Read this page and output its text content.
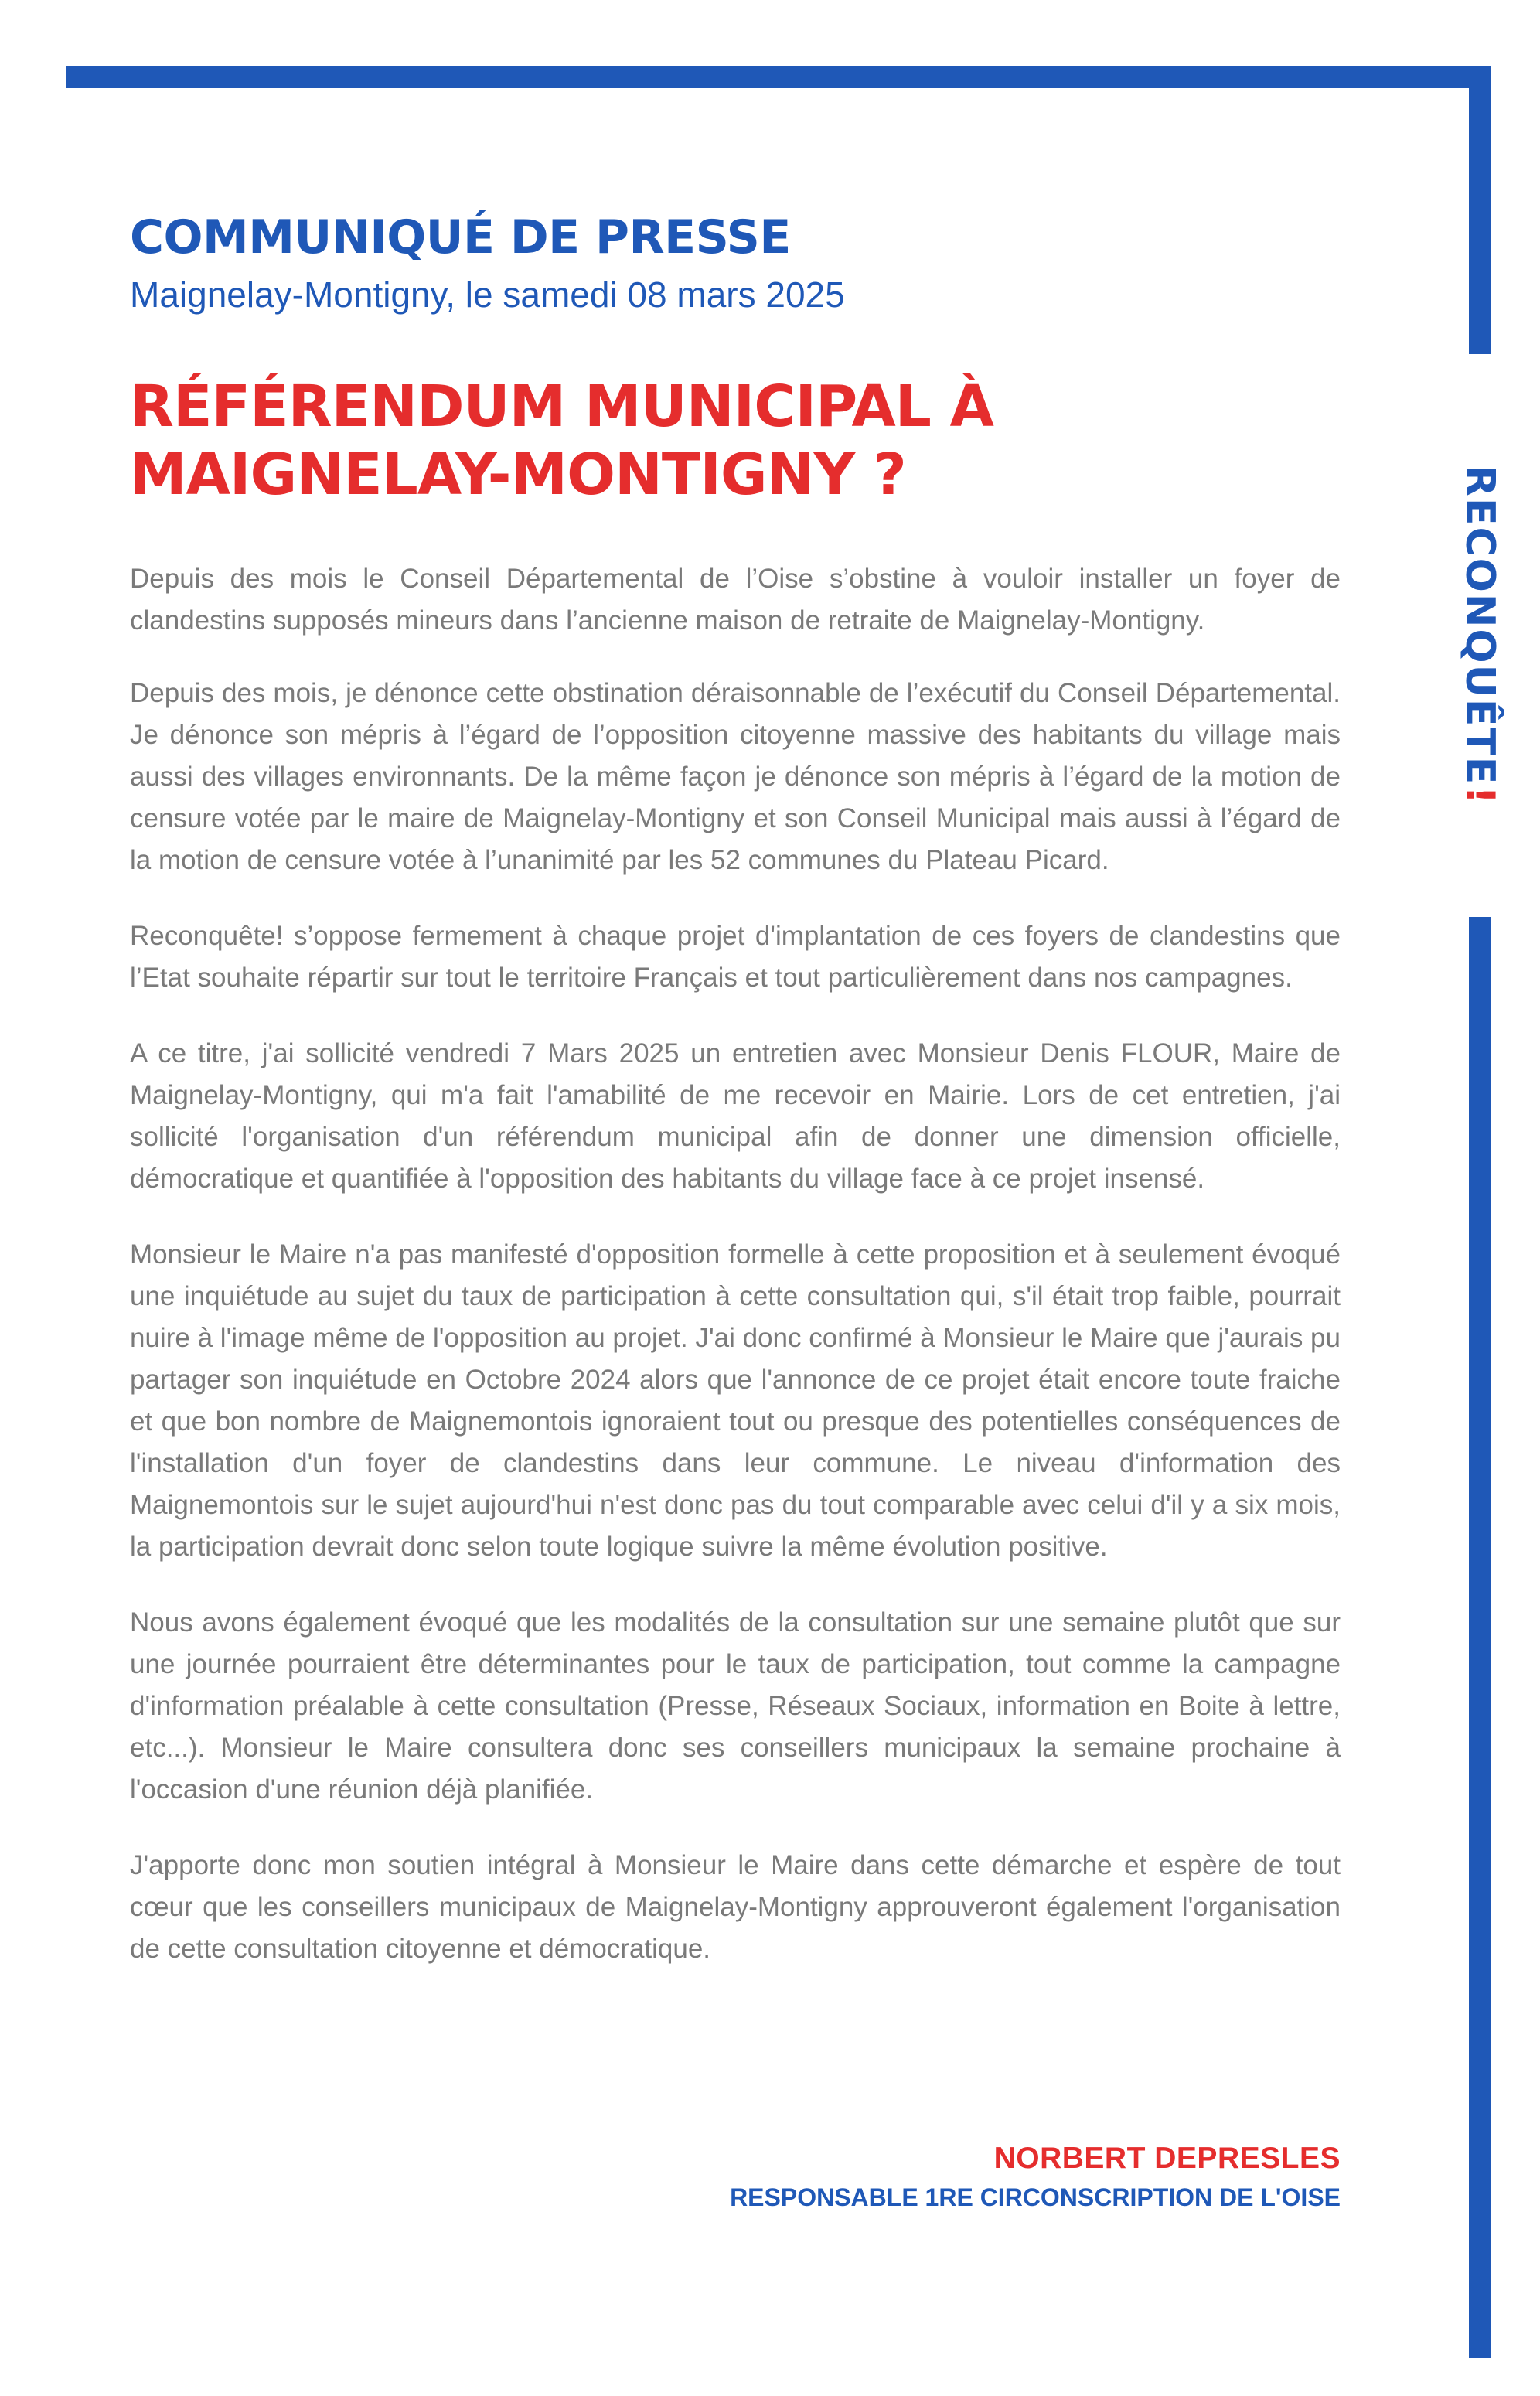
RECONQUÊTE!
COMMUNIQUÉ DE PRESSE

Maignelay-Montigny, le samedi 08 mars 2025

RÉFÉRENDUM MUNICIPAL À
MAIGNELAY-MONTIGNY ?

Depuis des mois le Conseil Départemental de l’Oise s’obstine à vouloir installer un foyer de clandestins supposés mineurs dans l’ancienne maison de retraite de Maignelay-Montigny.

Depuis des mois, je dénonce cette obstination déraisonnable de l’exécutif du Conseil Départemental. Je dénonce son mépris à l’égard de l’opposition citoyenne massive des habitants du village mais aussi des villages environnants. De la même façon je dénonce son mépris à l’égard de la motion de censure votée par le maire de Maignelay-Montigny et son Conseil Municipal mais aussi à l’égard de la motion de censure votée à l’unanimité par les 52 communes du Plateau Picard.

Reconquête! s’oppose fermement à chaque projet d'implantation de ces foyers de clandestins que l’Etat souhaite répartir sur tout le territoire Français et tout particulièrement dans nos campagnes.

A ce titre, j'ai sollicité vendredi 7 Mars 2025 un entretien avec Monsieur Denis FLOUR, Maire de Maignelay-Montigny, qui m'a fait l'amabilité de me recevoir en Mairie. Lors de cet entretien, j'ai sollicité l'organisation d'un référendum municipal afin de donner une dimension officielle, démocratique et quantifiée à l'opposition des habitants du village face à ce projet insensé.

Monsieur le Maire n'a pas manifesté d'opposition formelle à cette proposition et à seulement évoqué une inquiétude au sujet du taux de participation à cette consultation qui, s'il était trop faible, pourrait nuire à l'image même de l'opposition au projet. J'ai donc confirmé à Monsieur le Maire que j'aurais pu partager son inquiétude en Octobre 2024 alors que l'annonce de ce projet était encore toute fraiche et que bon nombre de Maignemontois ignoraient tout ou presque des potentielles conséquences de l'installation d'un foyer de clandestins dans leur commune. Le niveau d'information des Maignemontois sur le sujet aujourd'hui n'est donc pas du tout comparable avec celui d'il y a six mois, la participation devrait donc selon toute logique suivre la même évolution positive.

Nous avons également évoqué que les modalités de la consultation sur une semaine plutôt que sur une journée pourraient être déterminantes pour le taux de participation, tout comme la campagne d'information préalable à cette consultation (Presse, Réseaux Sociaux, information en Boite à lettre, etc...). Monsieur le Maire consultera donc ses conseillers municipaux la semaine prochaine à l'occasion d'une réunion déjà planifiée.

J'apporte donc mon soutien intégral à Monsieur le Maire dans cette démarche et espère de tout cœur que les conseillers municipaux de Maignelay-Montigny approuveront également l'organisation de cette consultation citoyenne et démocratique.

NORBERT DEPRESLES

RESPONSABLE 1RE CIRCONSCRIPTION DE L'OISE
